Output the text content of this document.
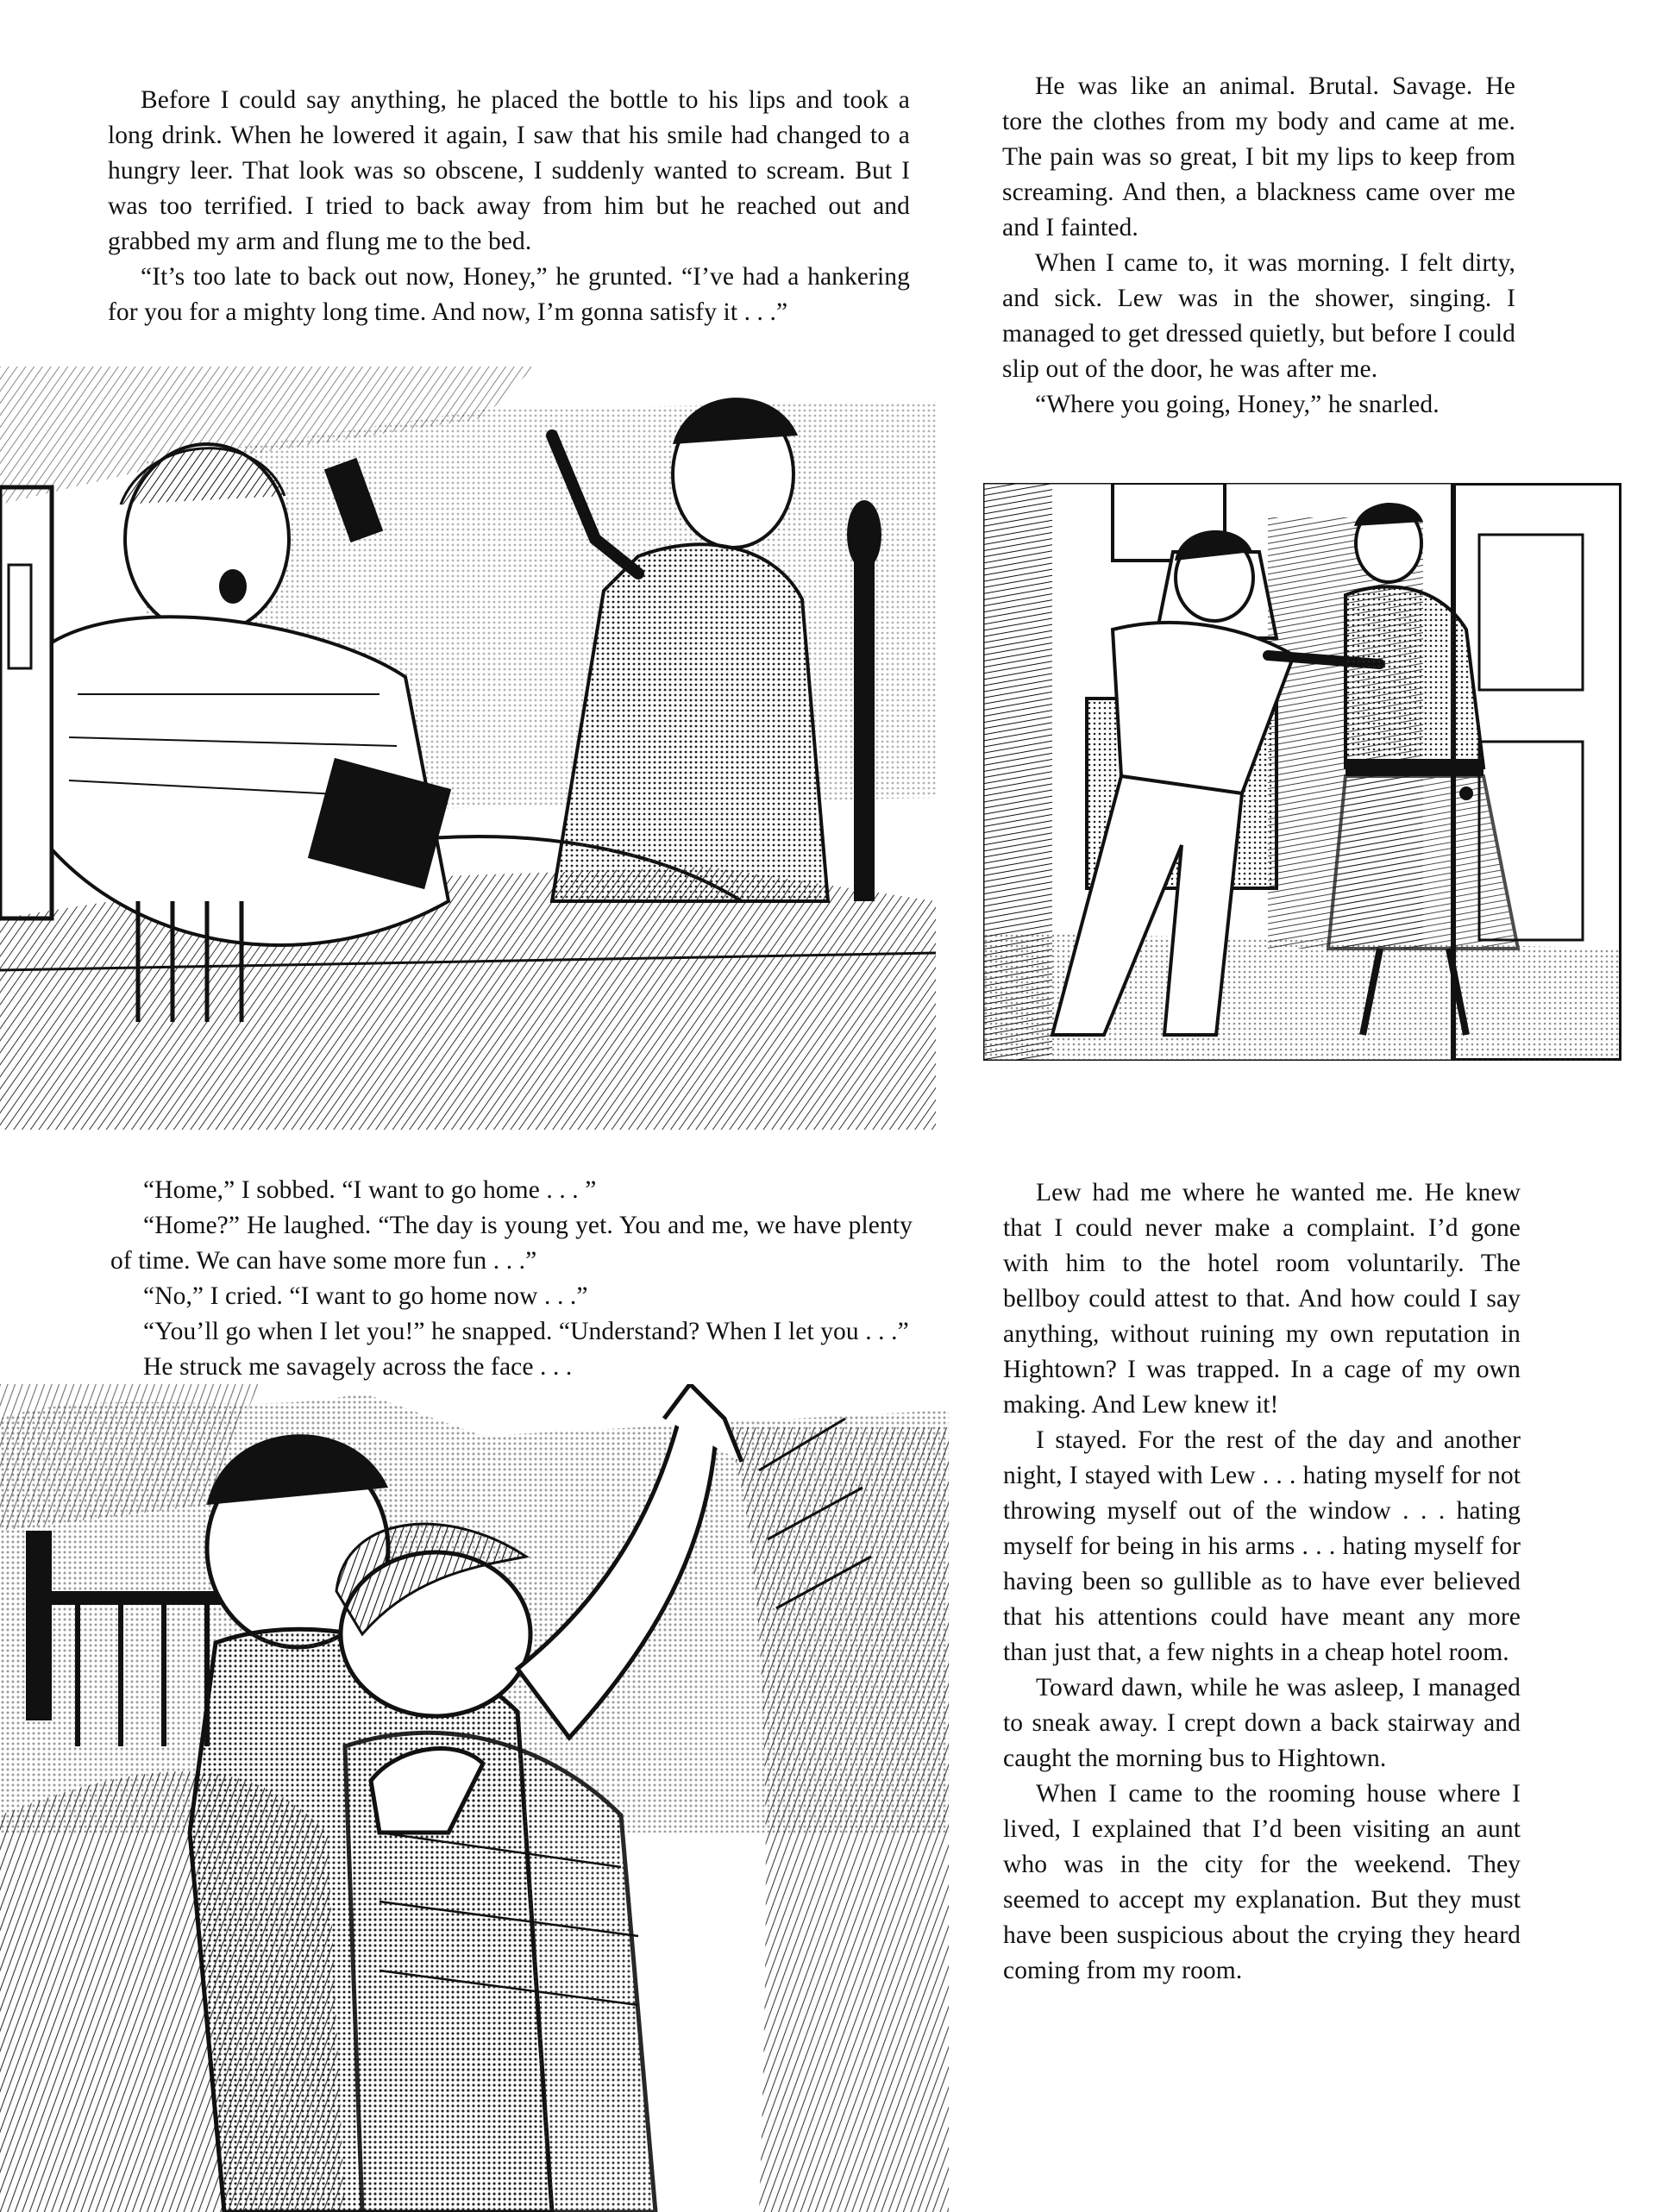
Before I could say anything, he placed the bottle to his lips and took a long drink. When he lowered it again, I saw that his smile had changed to a hungry leer. That look was so obscene, I suddenly wanted to scream. But I was too terrified. I tried to back away from him but he reached out and grabbed my arm and flung me to the bed.

“It’s too late to back out now, Honey,” he grunted. “I’ve had a hankering for you for a mighty long time. And now, I’m gonna satisfy it . . .”

He was like an animal. Brutal. Savage. He tore the clothes from my body and came at me. The pain was so great, I bit my lips to keep from screaming. And then, a blackness came over me and I fainted.

When I came to, it was morning. I felt dirty, and sick. Lew was in the shower, singing. I managed to get dressed quietly, but before I could slip out of the door, he was after me.

“Where you going, Honey,” he snarled.

“Home,” I sobbed. “I want to go home . . . ”

“Home?” He laughed. “The day is young yet. You and me, we have plenty of time. We can have some more fun . . .”

“No,” I cried. “I want to go home now . . .”

“You’ll go when I let you!” he snapped. “Understand? When I let you . . .”

He struck me savagely across the face . . .

Lew had me where he wanted me. He knew that I could never make a complaint. I’d gone with him to the hotel room voluntarily. The bellboy could attest to that. And how could I say anything, without ruining my own reputation in Hightown? I was trapped. In a cage of my own making. And Lew knew it!

I stayed. For the rest of the day and another night, I stayed with Lew . . . hating myself for not throwing myself out of the window . . . hating myself for being in his arms . . . hating myself for having been so gullible as to have ever believed that his attentions could have meant any more than just that, a few nights in a cheap hotel room.

Toward dawn, while he was asleep, I managed to sneak away. I crept down a back stairway and caught the morning bus to Hightown.

When I came to the rooming house where I lived, I explained that I’d been visiting an aunt who was in the city for the weekend. They seemed to accept my explanation. But they must have been suspicious about the crying they heard coming from my room.
